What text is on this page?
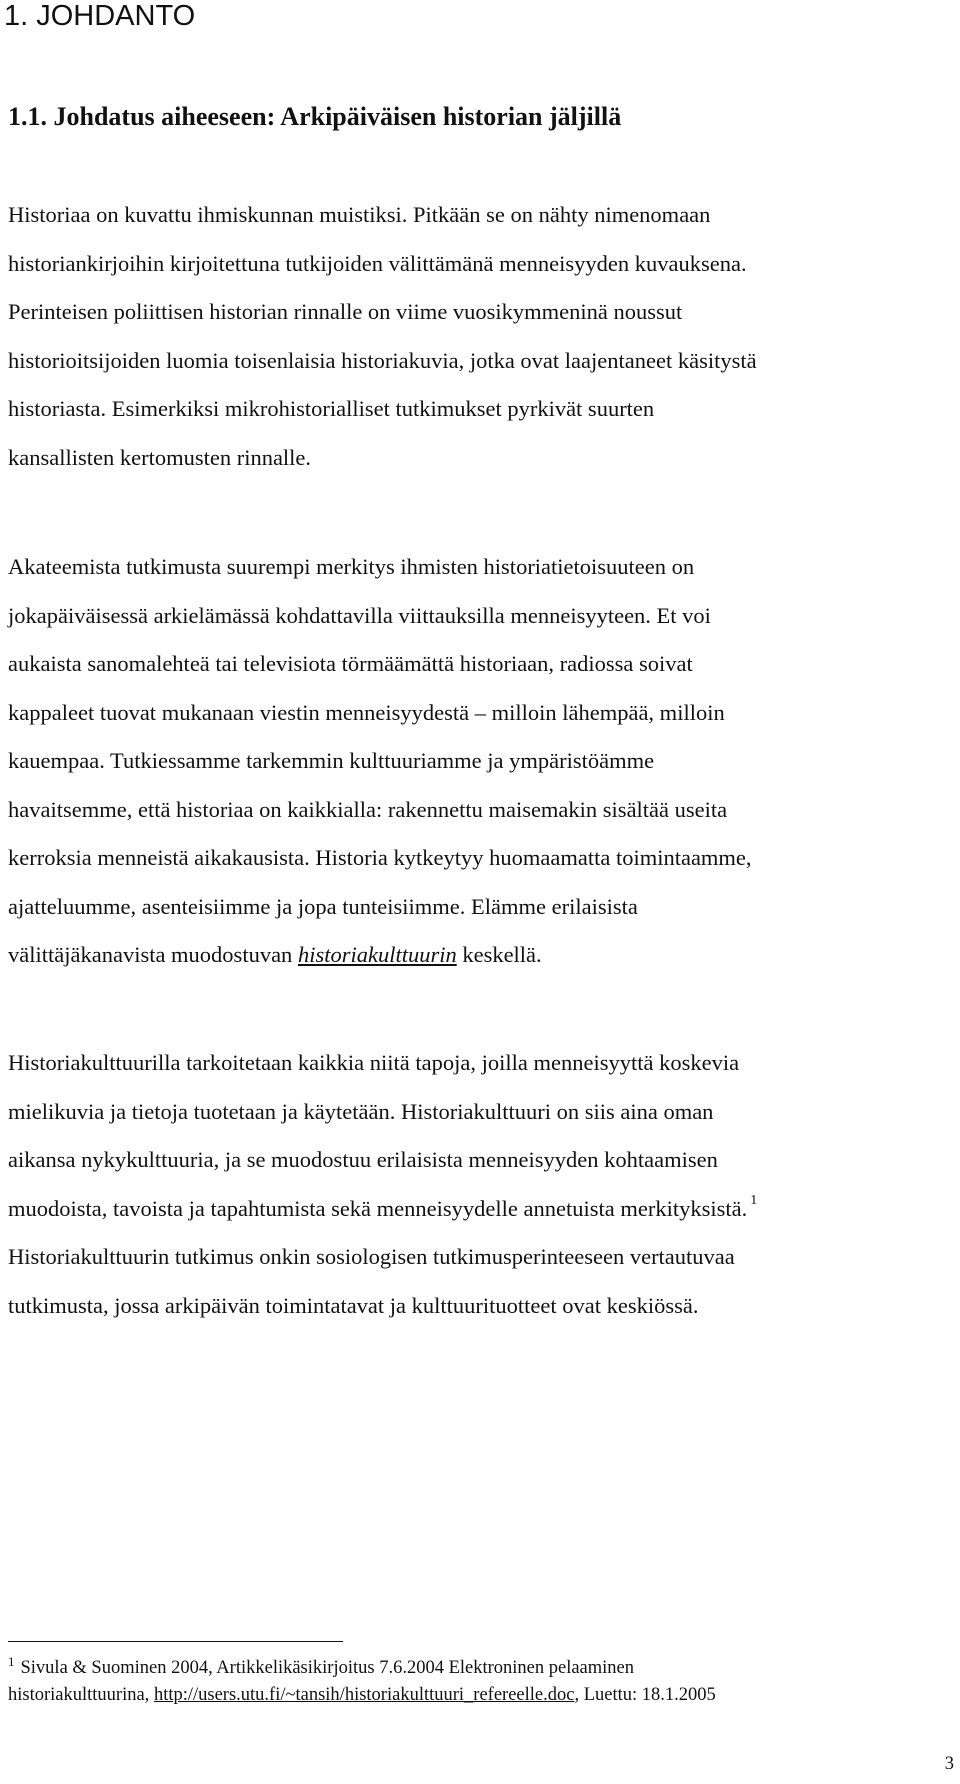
1. JOHDANTO
1.1. Johdatus aiheeseen: Arkipäiväisen historian jäljillä

Historiaa on kuvattu ihmiskunnan muistiksi. Pitkään se on nähty nimenomaan
historiankirjoihin kirjoitettuna tutkijoiden välittämänä menneisyyden kuvauksena.
Perinteisen poliittisen historian rinnalle on viime vuosikymmeninä noussut
historioitsijoiden luomia toisenlaisia historiakuvia, jotka ovat laajentaneet käsitystä
historiasta. Esimerkiksi mikrohistorialliset tutkimukset pyrkivät suurten
kansallisten kertomusten rinnalle.

Akateemista tutkimusta suurempi merkitys ihmisten historiatietoisuuteen on
jokapäiväisessä arkielämässä kohdattavilla viittauksilla menneisyyteen. Et voi
aukaista sanomalehteä tai televisiota törmäämättä historiaan, radiossa soivat
kappaleet tuovat mukanaan viestin menneisyydestä – milloin lähempää, milloin
kauempaa. Tutkiessamme tarkemmin kulttuuriamme ja ympäristöämme
havaitsemme, että historiaa on kaikkialla: rakennettu maisemakin sisältää useita
kerroksia menneistä aikakausista. Historia kytkeytyy huomaamatta toimintaamme,
ajatteluumme, asenteisiimme ja jopa tunteisiimme. Elämme erilaisista
välittäjäkanavista muodostuvan historiakulttuurin keskellä.

Historiakulttuurilla tarkoitetaan kaikkia niitä tapoja, joilla menneisyyttä koskevia
mielikuvia ja tietoja tuotetaan ja käytetään. Historiakulttuuri on siis aina oman
aikansa nykykulttuuria, ja se muodostuu erilaisista menneisyyden kohtaamisen
muodoista, tavoista ja tapahtumista sekä menneisyydelle annetuista merkityksistä. $^1$
Historiakulttuurin tutkimus onkin sosiologisen tutkimusperinteeseen vertautuvaa
tutkimusta, jossa arkipäivän toimintatavat ja kulttuurituotteet ovat keskiössä.

$^1$ Sivula & Suominen 2004, Artikkelikäsikirjoitus 7.6.2004 Elektroninen pelaaminen
historiakulttuurina, http://users.utu.fi/~tansih/historiakulttuuri_refereelle.doc, Luettu: 18.1.2005
3
